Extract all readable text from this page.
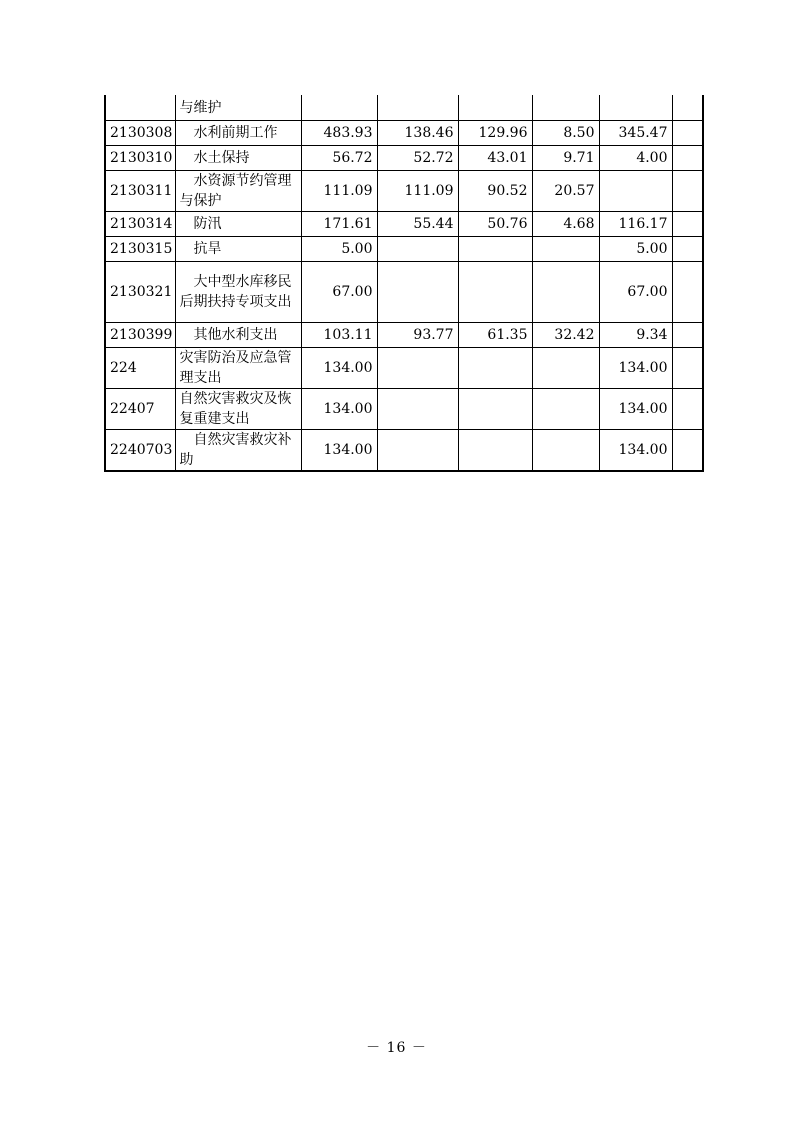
	与维护						
2130308	水利前期工作	483.93	138.46	129.96	8.50	345.47	
2130310	水土保持	56.72	52.72	43.01	9.71	4.00	
2130311	水资源节约管理与保护	111.09	111.09	90.52	20.57		
2130314	防汛	171.61	55.44	50.76	4.68	116.17	
2130315	抗旱	5.00				5.00	
2130321	大中型水库移民后期扶持专项支出	67.00				67.00	
2130399	其他水利支出	103.11	93.77	61.35	32.42	9.34	
224	灾害防治及应急管理支出	134.00				134.00	
22407	自然灾害救灾及恢复重建支出	134.00				134.00	
2240703	自然灾害救灾补助	134.00				134.00	
－ 16 －
